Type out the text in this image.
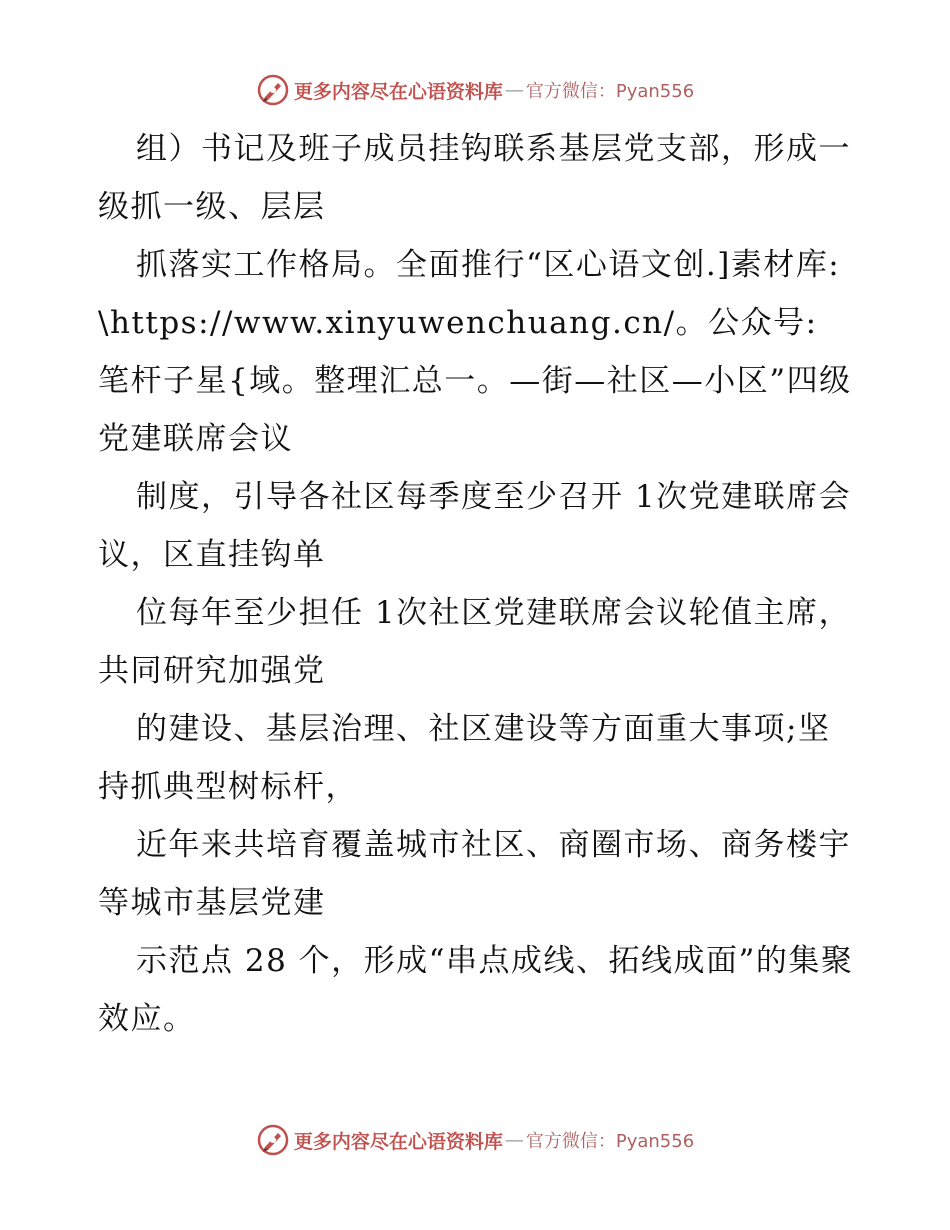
更多内容尽在心语资料库 — 官方微信：Pyan556

组）书记及班子成员挂钩联系基层党支部，形成一级抓一级、层层

抓落实工作格局。全面推行“区心语文创.]素材库: \https://www.xinyuwenchuang.cn/。公众号: 笔杆子星{域。整理汇总一。—街—社区—小区”四级党建联席会议

制度，引导各社区每季度至少召开 1次党建联席会议，区直挂钩单

位每年至少担任 1次社区党建联席会议轮值主席，共同研究加强党

的建设、基层治理、社区建设等方面重大事项;坚持抓典型树标杆，

近年来共培育覆盖城市社区、商圈市场、商务楼宇等城市基层党建

示范点 28 个，形成“串点成线、拓线成面”的集聚效应。

更多内容尽在心语资料库 — 官方微信：Pyan556
